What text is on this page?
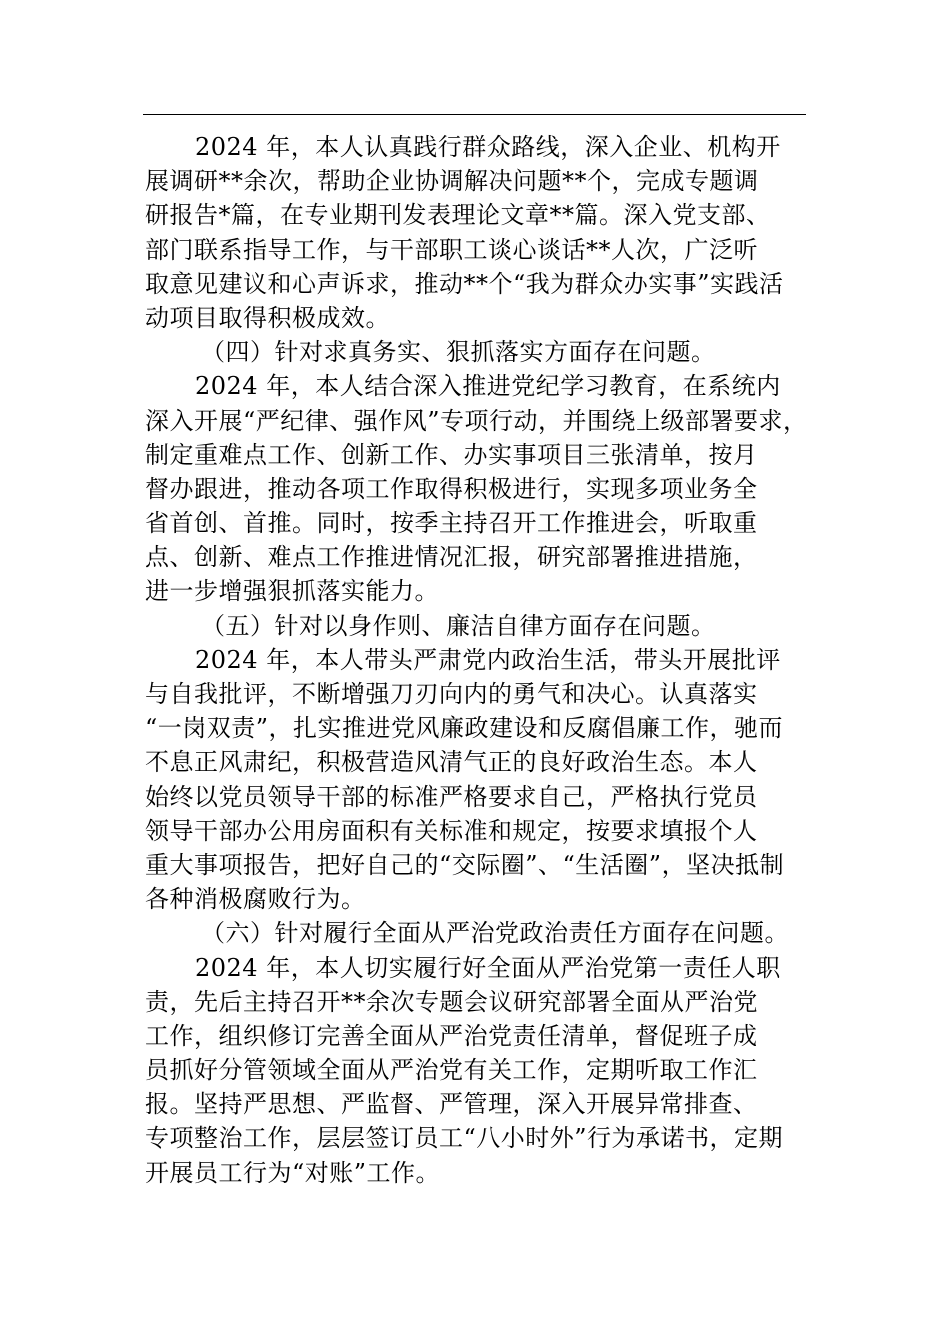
2024 年，本人认真践行群众路线，深入企业、机构开
展调研**余次，帮助企业协调解决问题**个，完成专题调
研报告*篇，在专业期刊发表理论文章**篇。深入党支部、
部门联系指导工作，与干部职工谈心谈话**人次，广泛听
取意见建议和心声诉求，推动**个“我为群众办实事”实践活
动项目取得积极成效。
（四）针对求真务实、狠抓落实方面存在问题。
2024 年，本人结合深入推进党纪学习教育，在系统内
深入开展“严纪律、强作风”专项行动，并围绕上级部署要求，
制定重难点工作、创新工作、办实事项目三张清单，按月
督办跟进，推动各项工作取得积极进行，实现多项业务全
省首创、首推。同时，按季主持召开工作推进会，听取重
点、创新、难点工作推进情况汇报，研究部署推进措施，
进一步增强狠抓落实能力。
（五）针对以身作则、廉洁自律方面存在问题。
2024 年，本人带头严肃党内政治生活，带头开展批评
与自我批评，不断增强刀刃向内的勇气和决心。认真落实
“一岗双责”，扎实推进党风廉政建设和反腐倡廉工作，驰而
不息正风肃纪，积极营造风清气正的良好政治生态。本人
始终以党员领导干部的标准严格要求自己，严格执行党员
领导干部办公用房面积有关标准和规定，按要求填报个人
重大事项报告，把好自己的“交际圈”、“生活圈”，坚决抵制
各种消极腐败行为。
（六）针对履行全面从严治党政治责任方面存在问题。
2024 年，本人切实履行好全面从严治党第一责任人职
责，先后主持召开**余次专题会议研究部署全面从严治党
工作，组织修订完善全面从严治党责任清单，督促班子成
员抓好分管领域全面从严治党有关工作，定期听取工作汇
报。坚持严思想、严监督、严管理，深入开展异常排查、
专项整治工作，层层签订员工“八小时外”行为承诺书，定期
开展员工行为“对账”工作。
